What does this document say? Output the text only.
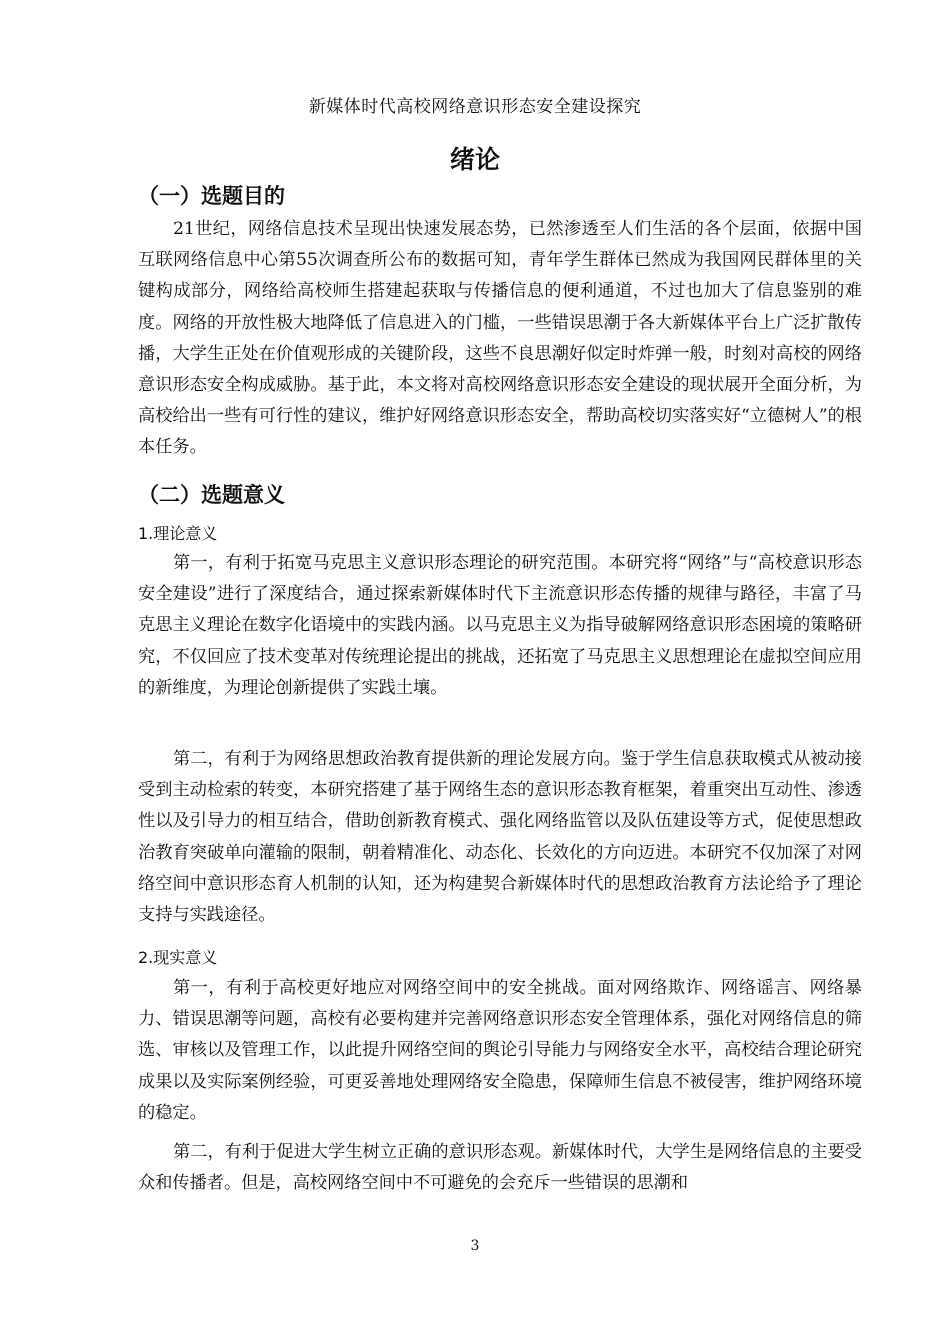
新媒体时代高校网络意识形态安全建设探究
绪论
（一）选题目的

21世纪，网络信息技术呈现出快速发展态势，已然渗透至人们生活的各个层面，依据中国互联网络信息中心第55次调查所公布的数据可知，青年学生群体已然成为我国网民群体里的关键构成部分，网络给高校师生搭建起获取与传播信息的便利通道，不过也加大了信息鉴别的难度。网络的开放性极大地降低了信息进入的门槛，一些错误思潮于各大新媒体平台上广泛扩散传播，大学生正处在价值观形成的关键阶段，这些不良思潮好似定时炸弹一般，时刻对高校的网络意识形态安全构成威胁。基于此，本文将对高校网络意识形态安全建设的现状展开全面分析，为高校给出一些有可行性的建议，维护好网络意识形态安全，帮助高校切实落实好“立德树人”的根本任务。

（二）选题意义
1.理论意义

第一，有利于拓宽马克思主义意识形态理论的研究范围。本研究将“网络”与“高校意识形态安全建设”进行了深度结合，通过探索新媒体时代下主流意识形态传播的规律与路径，丰富了马克思主义理论在数字化语境中的实践内涵。以马克思主义为指导破解网络意识形态困境的策略研究，不仅回应了技术变革对传统理论提出的挑战，还拓宽了马克思主义思想理论在虚拟空间应用的新维度，为理论创新提供了实践土壤。

第二，有利于为网络思想政治教育提供新的理论发展方向。鉴于学生信息获取模式从被动接受到主动检索的转变，本研究搭建了基于网络生态的意识形态教育框架，着重突出互动性、渗透性以及引导力的相互结合，借助创新教育模式、强化网络监管以及队伍建设等方式，促使思想政治教育突破单向灌输的限制，朝着精准化、动态化、长效化的方向迈进。本研究不仅加深了对网络空间中意识形态育人机制的认知，还为构建契合新媒体时代的思想政治教育方法论给予了理论支持与实践途径。

2.现实意义

第一，有利于高校更好地应对网络空间中的安全挑战。面对网络欺诈、网络谣言、网络暴力、错误思潮等问题，高校有必要构建并完善网络意识形态安全管理体系，强化对网络信息的筛选、审核以及管理工作，以此提升网络空间的舆论引导能力与网络安全水平，高校结合理论研究成果以及实际案例经验，可更妥善地处理网络安全隐患，保障师生信息不被侵害，维护网络环境的稳定。

第二，有利于促进大学生树立正确的意识形态观。新媒体时代，大学生是网络信息的主要受众和传播者。但是，高校网络空间中不可避免的会充斥一些错误的思潮和

3
